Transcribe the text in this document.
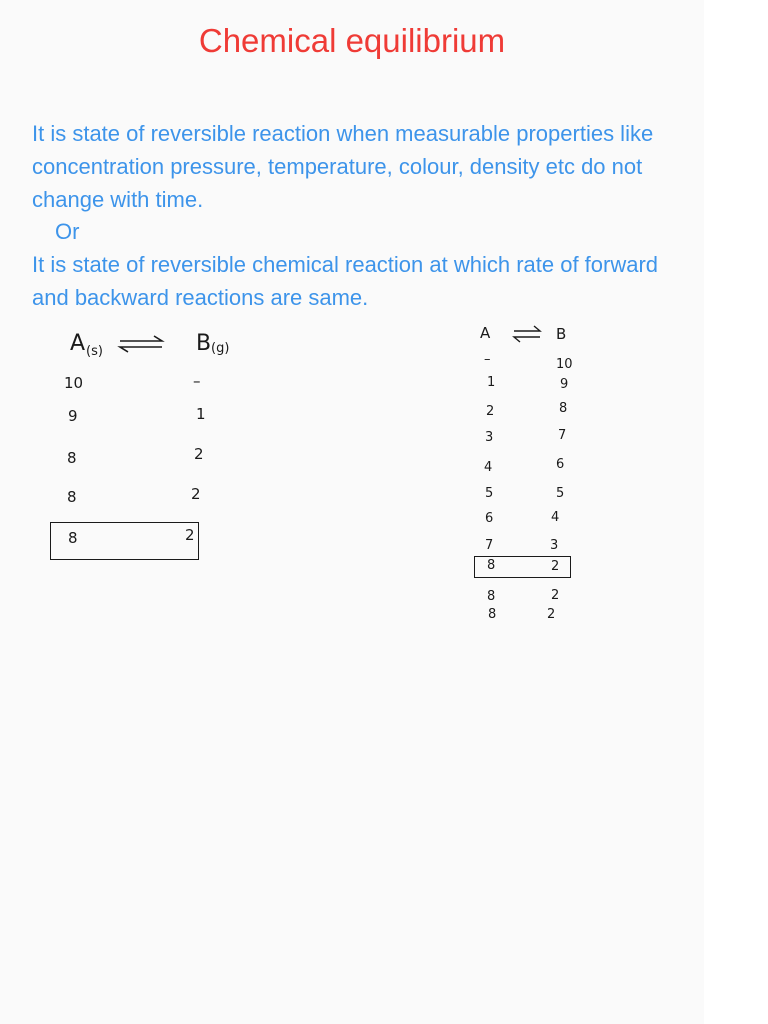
Chemical equilibrium

It is state of reversible reaction when measurable properties like concentration pressure, temperature, colour, density etc do not change with time.

Or

It is state of reversible chemical reaction at which rate of forward and backward reactions are same.

A (s)	B (g)
10	–
9	1
8	2
8	2
8	2
A	B
–	10
1	9
2	8
3	7
4	6
5	5
6	4
7	3
8	2
8	2
8	2
